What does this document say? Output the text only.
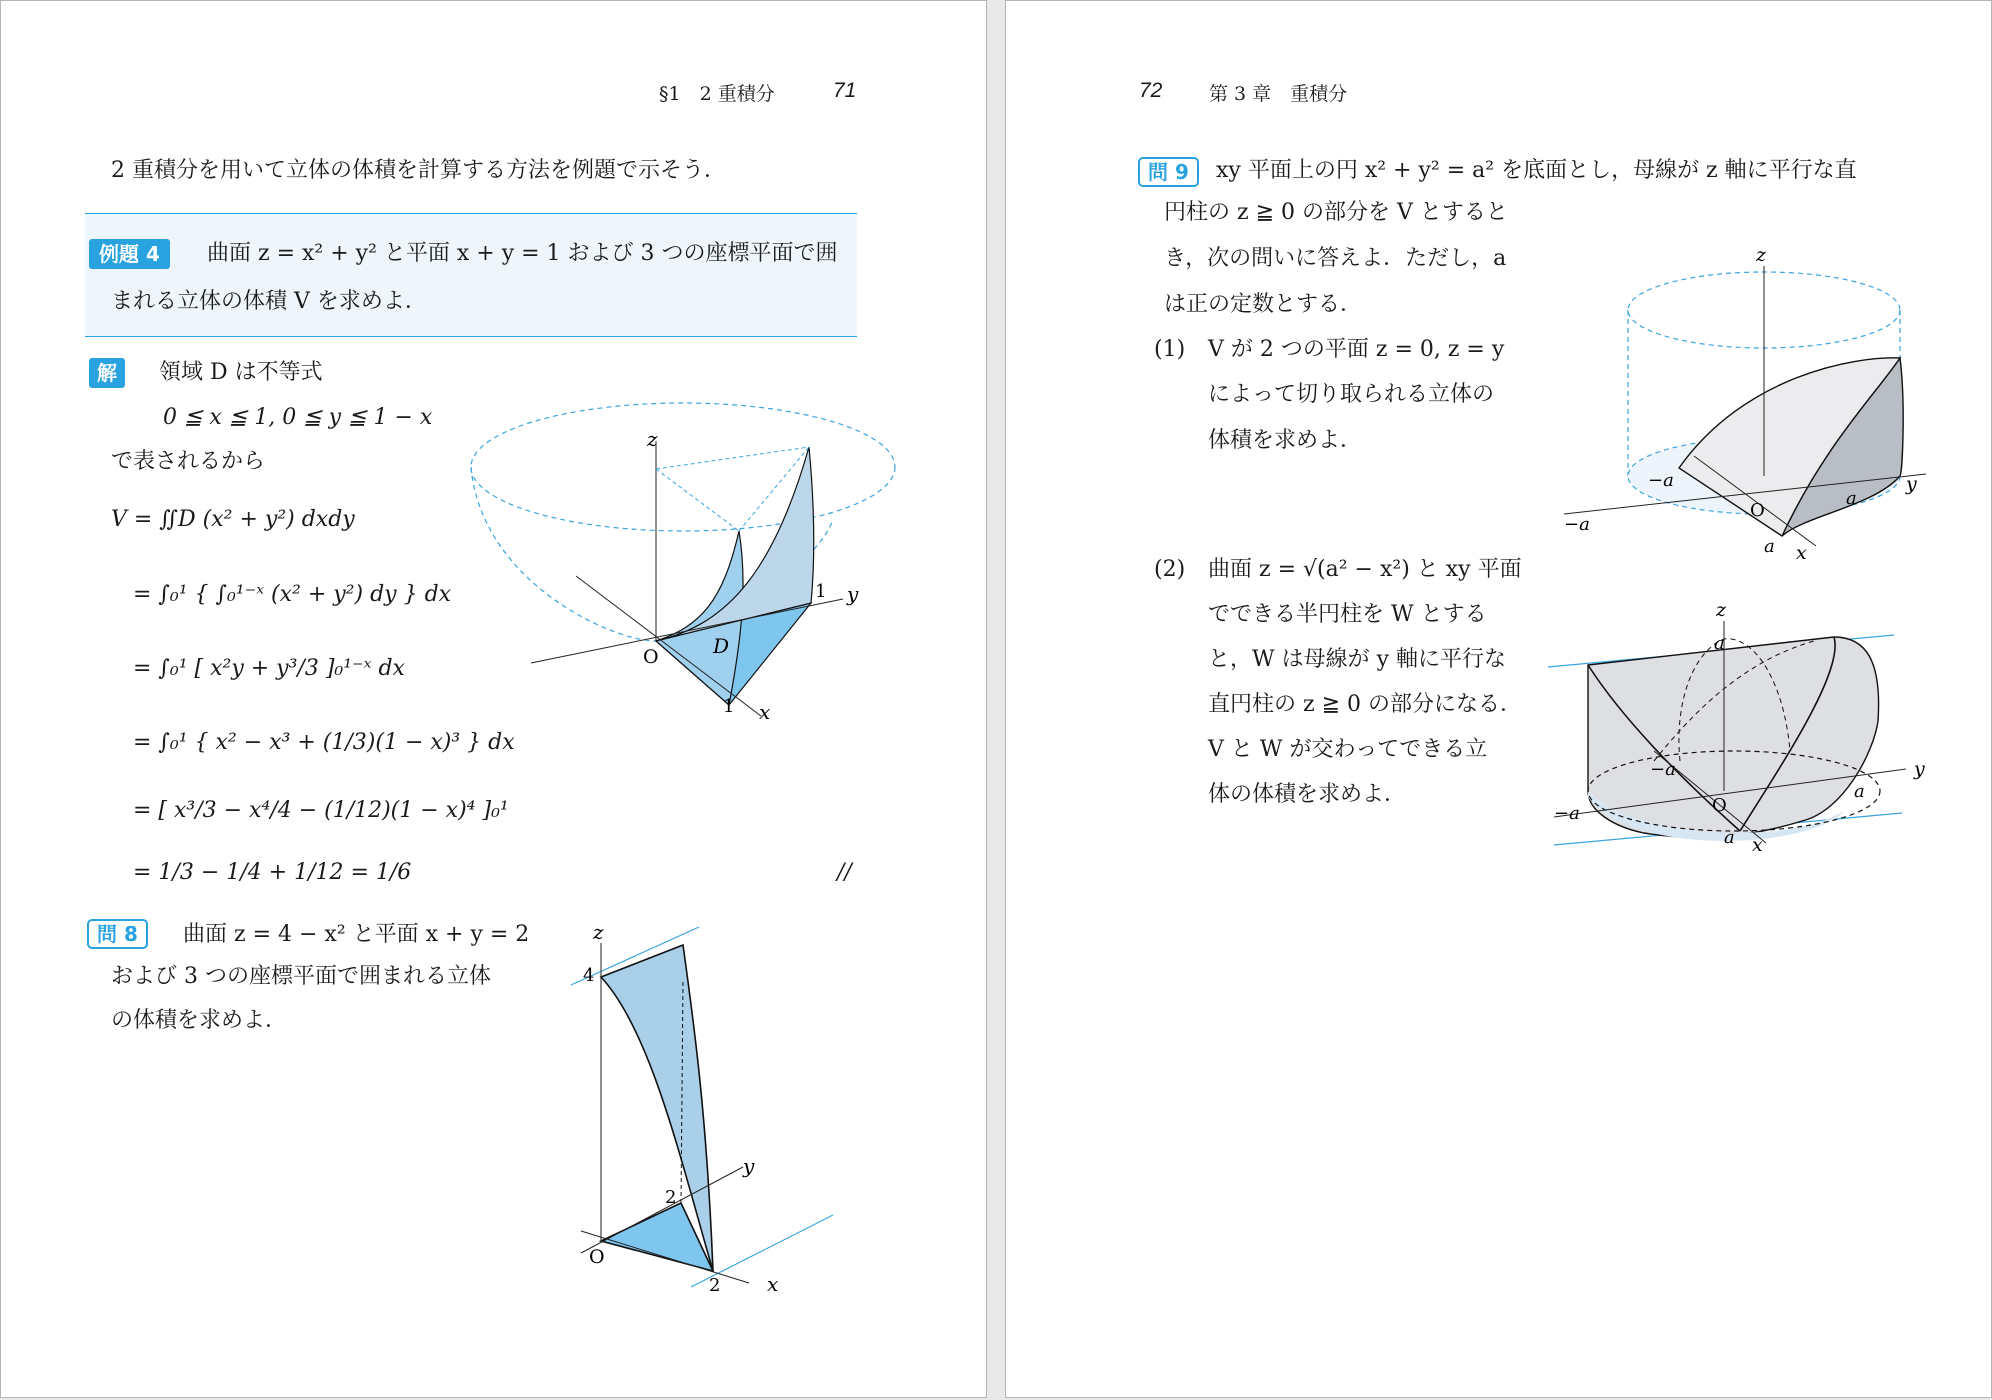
§1　2 重積分	71
2 重積分を用いて立体の体積を計算する方法を例題で示そう．
例題 4	曲面 z = x² + y² と平面 x + y = 1 および 3 つの座標平面で囲
まれる立体の体積 V を求めよ．
解	領域 D は不等式
0 ≦ x ≦ 1, 0 ≦ y ≦ 1 − x
で表されるから
V = ∬D (x² + y²) dxdy
= ∫₀¹ { ∫₀¹⁻ˣ (x² + y²) dy } dx
= ∫₀¹ [ x²y + y³/3 ]₀¹⁻ˣ dx
= ∫₀¹ { x² − x³ + (1/3)(1 − x)³ } dx
= [ x³/3 − x⁴/4 − (1/12)(1 − x)⁴ ]₀¹
= 1/3 − 1/4 + 1/12 = 1/6	//
問 8	曲面 z = 4 − x² と平面 x + y = 2
および 3 つの座標平面で囲まれる立体
の体積を求めよ．
z
y
x
O	D
1
1
z
y
x
O
4
2
2
72 第 3 章　重積分
問 9	xy 平面上の円 x² + y² = a² を底面とし，母線が z 軸に平行な直
円柱の z ≧ 0 の部分を V とすると
き，次の問いに答えよ．ただし，a
は正の定数とする．
(1) V が 2 つの平面 z = 0, z = y
によって切り取られる立体の
体積を求めよ．
(2) 曲面 z = √(a² − x²) と xy 平面
でできる半円柱を W とする
と，W は母線が y 軸に平行な
直円柱の z ≧ 0 の部分になる．
V と W が交わってできる立
体の体積を求めよ．
z
y
x
O
−a
−a
a
a
z
a
y
x
O
−a
−a
a
a
